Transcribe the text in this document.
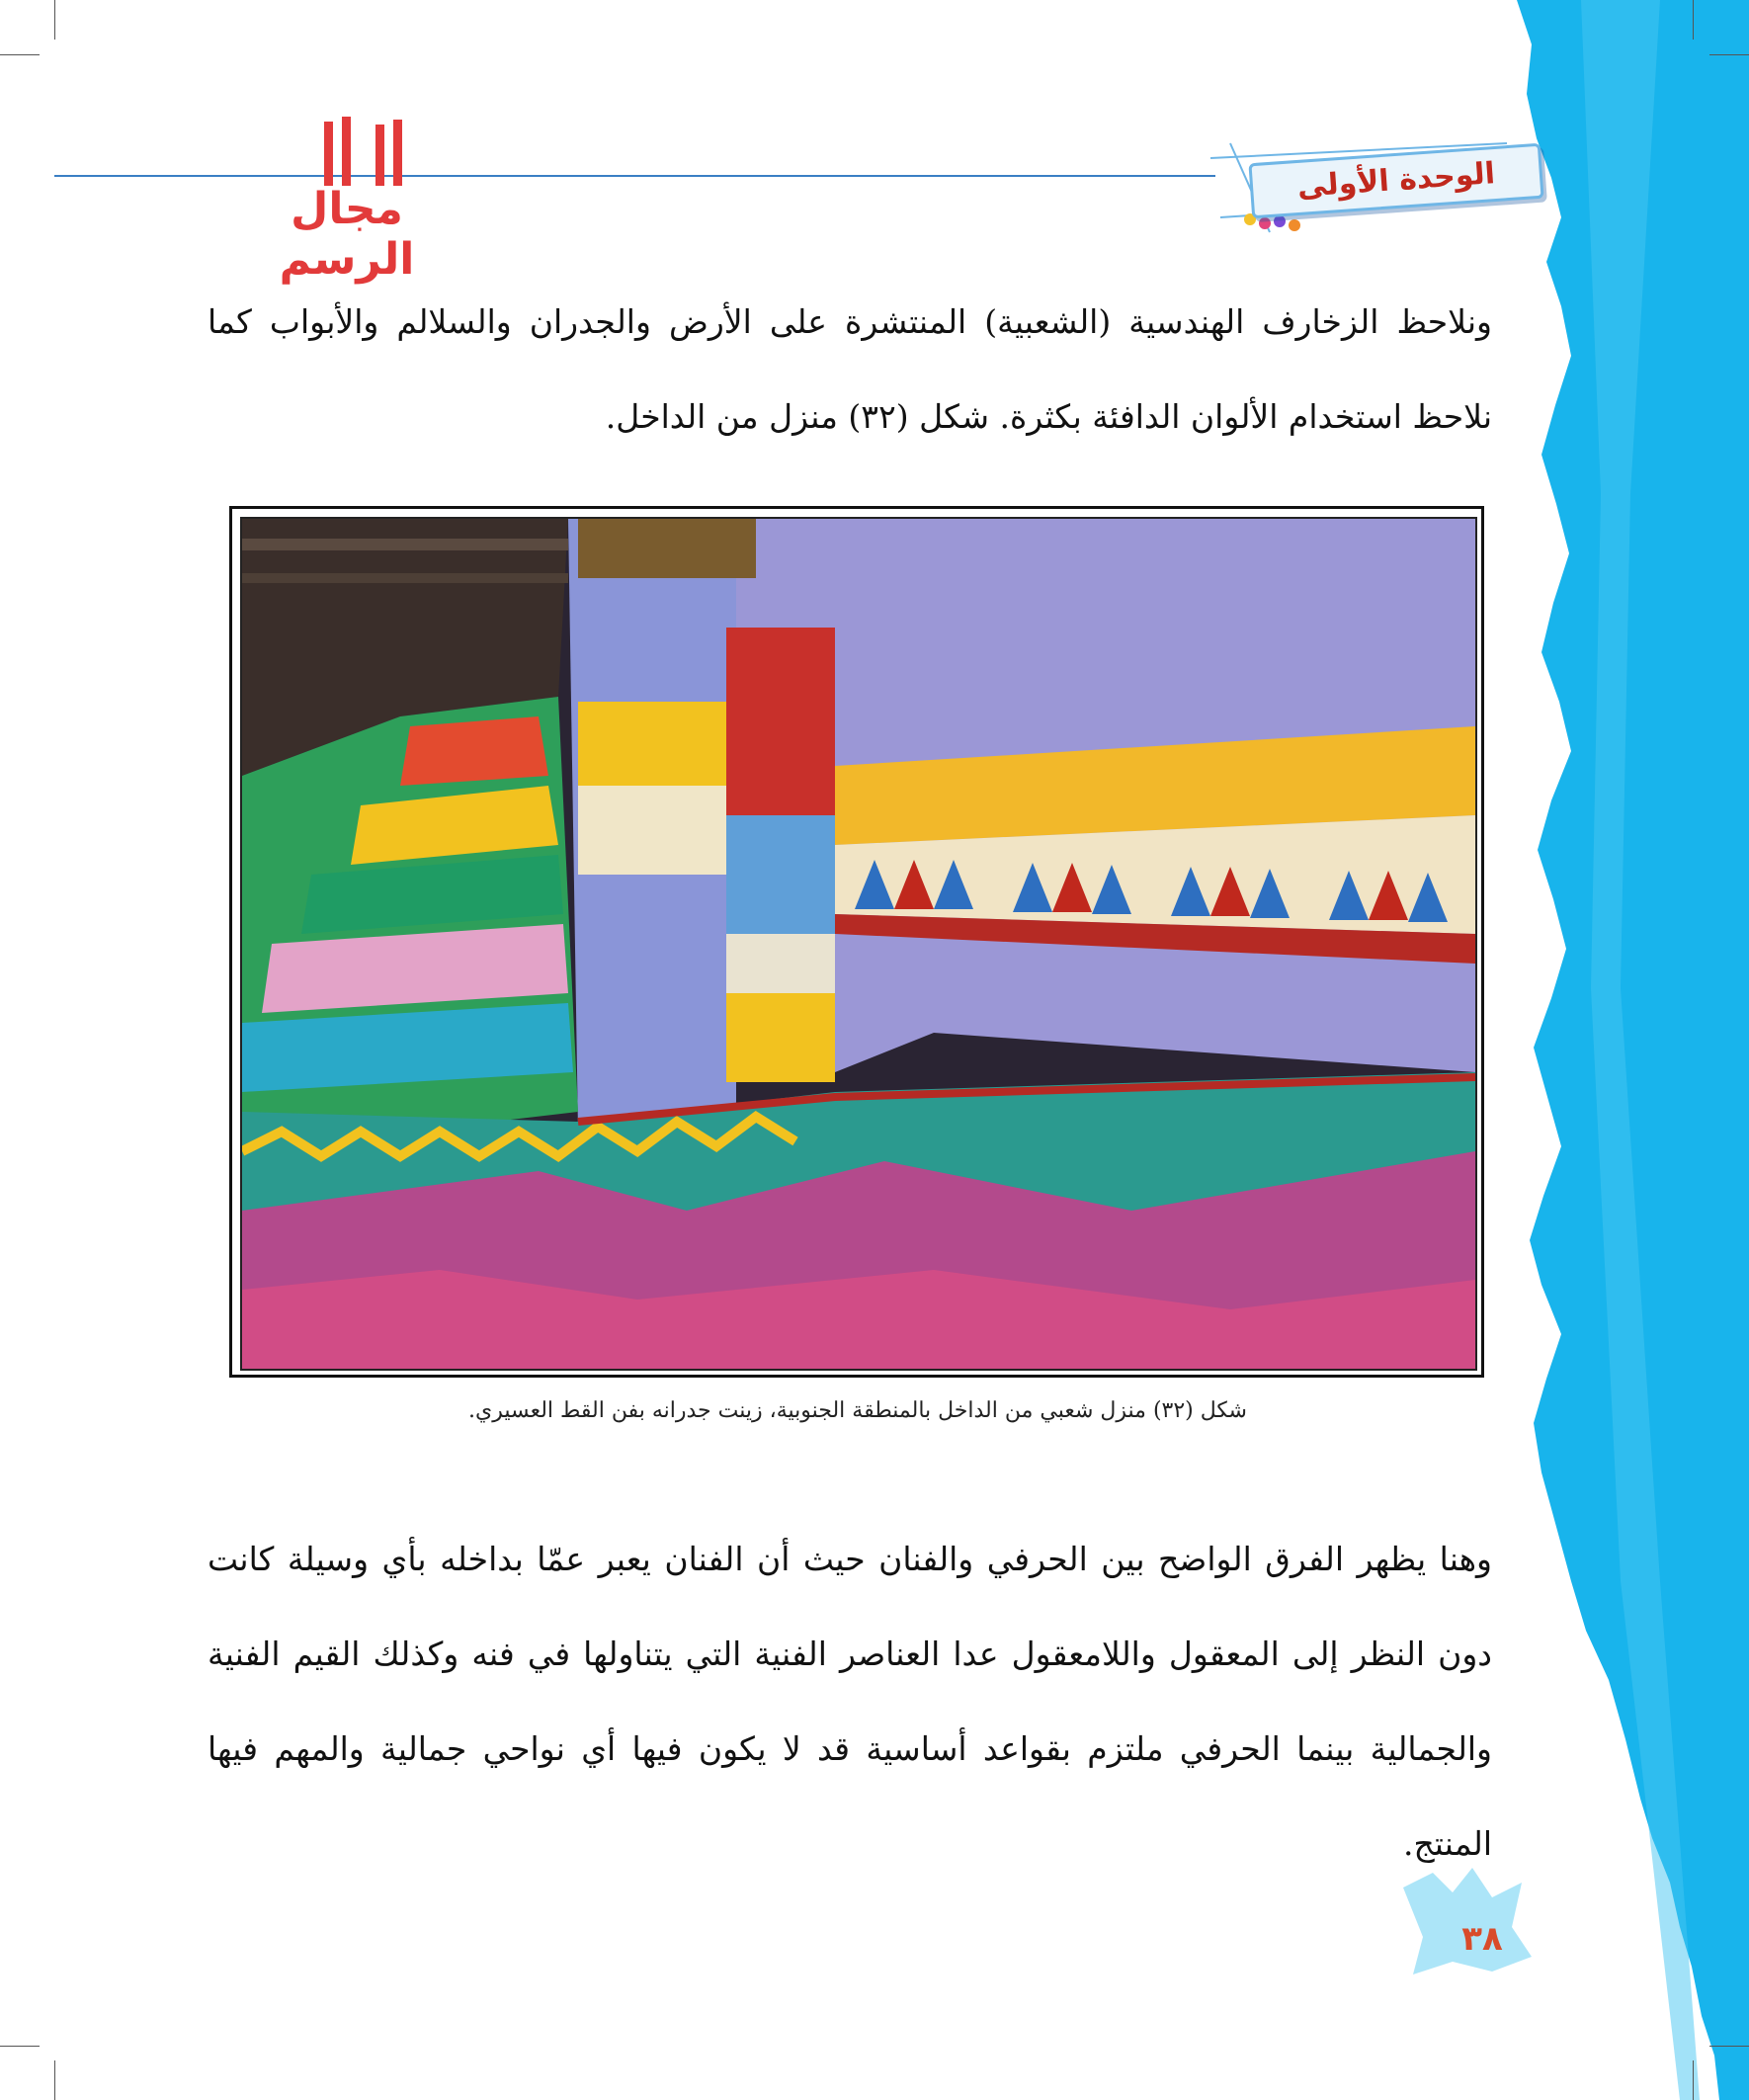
مجال الرسم
الوحدة الأولى
ونلاحظ الزخارف الهندسية (الشعبية) المنتشرة على الأرض والجدران والسلالم والأبواب كما نلاحظ استخدام الألوان الدافئة بكثرة. شكل (٣٢) منزل من الداخل.
شكل (٣٢) منزل شعبي من الداخل بالمنطقة الجنوبية، زينت جدرانه بفن القط العسيري.
وهنا يظهر الفرق الواضح بين الحرفي والفنان حيث أن الفنان يعبر عمّا بداخله بأي وسيلة كانت دون النظر إلى المعقول واللامعقول عدا العناصر الفنية التي يتناولها في فنه وكذلك القيم الفنية والجمالية بينما الحرفي ملتزم بقواعد أساسية قد لا يكون فيها أي نواحي جمالية والمهم فيها المنتج.
٣٨
